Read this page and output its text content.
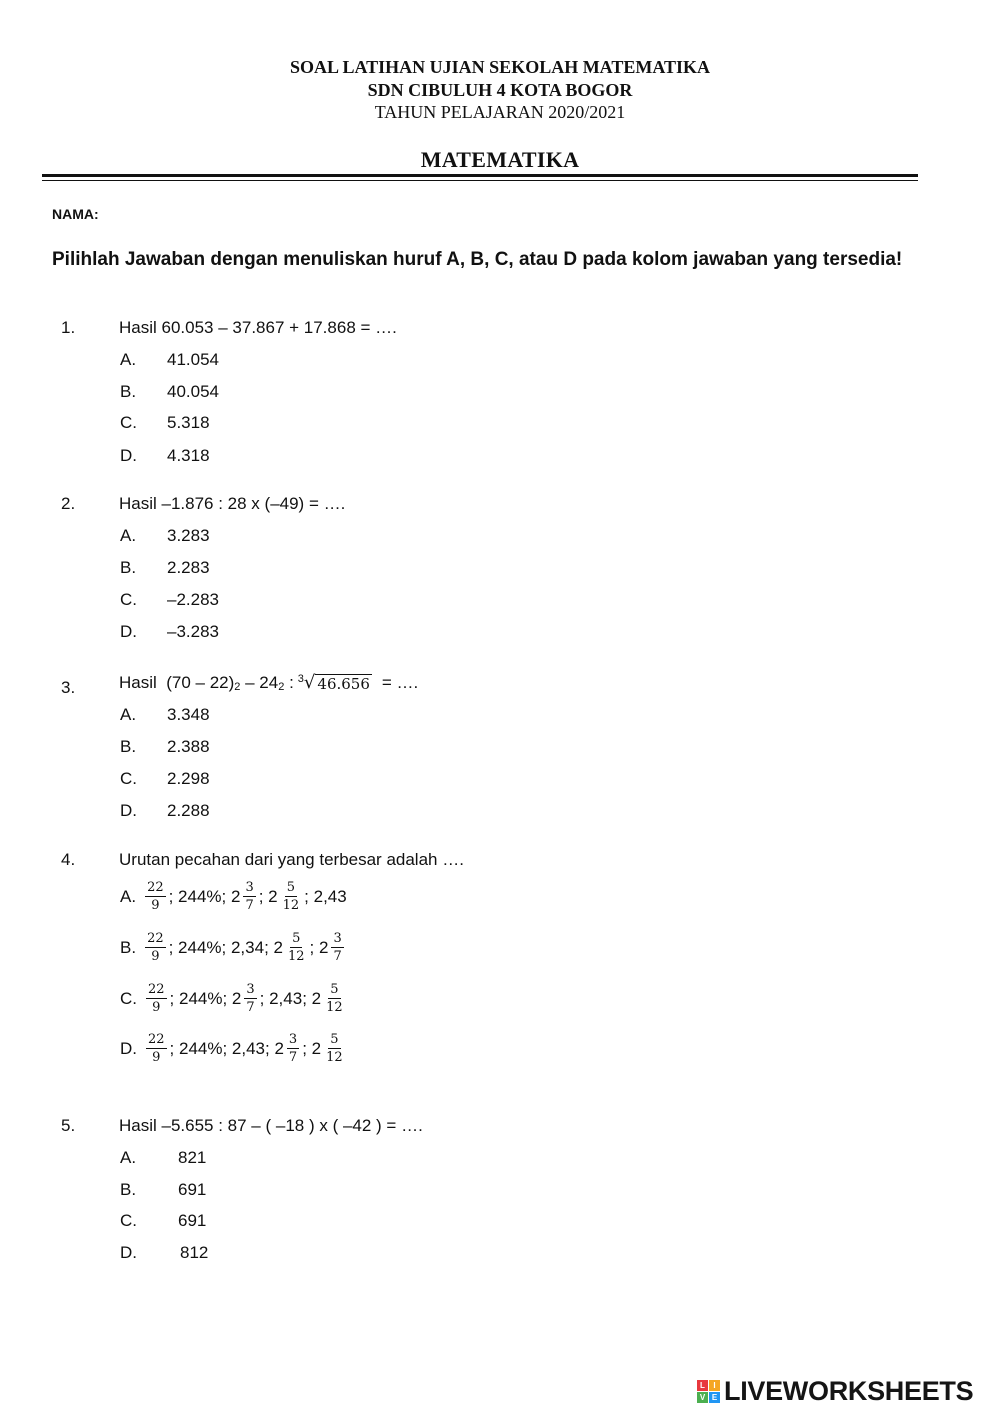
SOAL LATIHAN UJIAN SEKOLAH MATEMATIKA
SDN CIBULUH 4 KOTA BOGOR
TAHUN PELAJARAN 2020/2021
MATEMATIKA
NAMA:
Pilihlah Jawaban dengan menuliskan huruf A, B, C, atau D pada kolom jawaban yang tersedia!
1.	Hasil 60.053 – 37.867 + 17.868 = ….
A. 41.054
B. 40.054
C. 5.318
D. 4.318
2.	Hasil –1.876 : 28 x (–49) = ….
A. 3.283
B. 2.283
C. –2.283
D. –3.283
3.	Hasil  (70 – 22) 2 – 24 2 : 3 √ 46.656 = ….
A. 3.348
B. 2.388
C. 2.298
D. 2.288
4.	Urutan pecahan dari yang terbesar adalah ….
A. $\frac{22}{9}$ ; 244%; $2 \frac{3}{7}$ ; $2 \frac{5}{12}$ ; 2,43
B. $\frac{22}{9}$ ; 244%; 2,34; $2 \frac{5}{12}$ ; $2 \frac{3}{7}$
C. $\frac{22}{9}$ ; 244%; $2 \frac{3}{7}$ ; 2,43; $2 \frac{5}{12}$
D. $\frac{22}{9}$ ; 244%; 2,43; $2 \frac{3}{7}$ ; $2 \frac{5}{12}$
5.	Hasil –5.655 : 87 – ( –18 ) x ( –42 ) = ….
A. 821
B. 691
C. 691
D.	812
L	I
V E LIVEWORKSHEETS
